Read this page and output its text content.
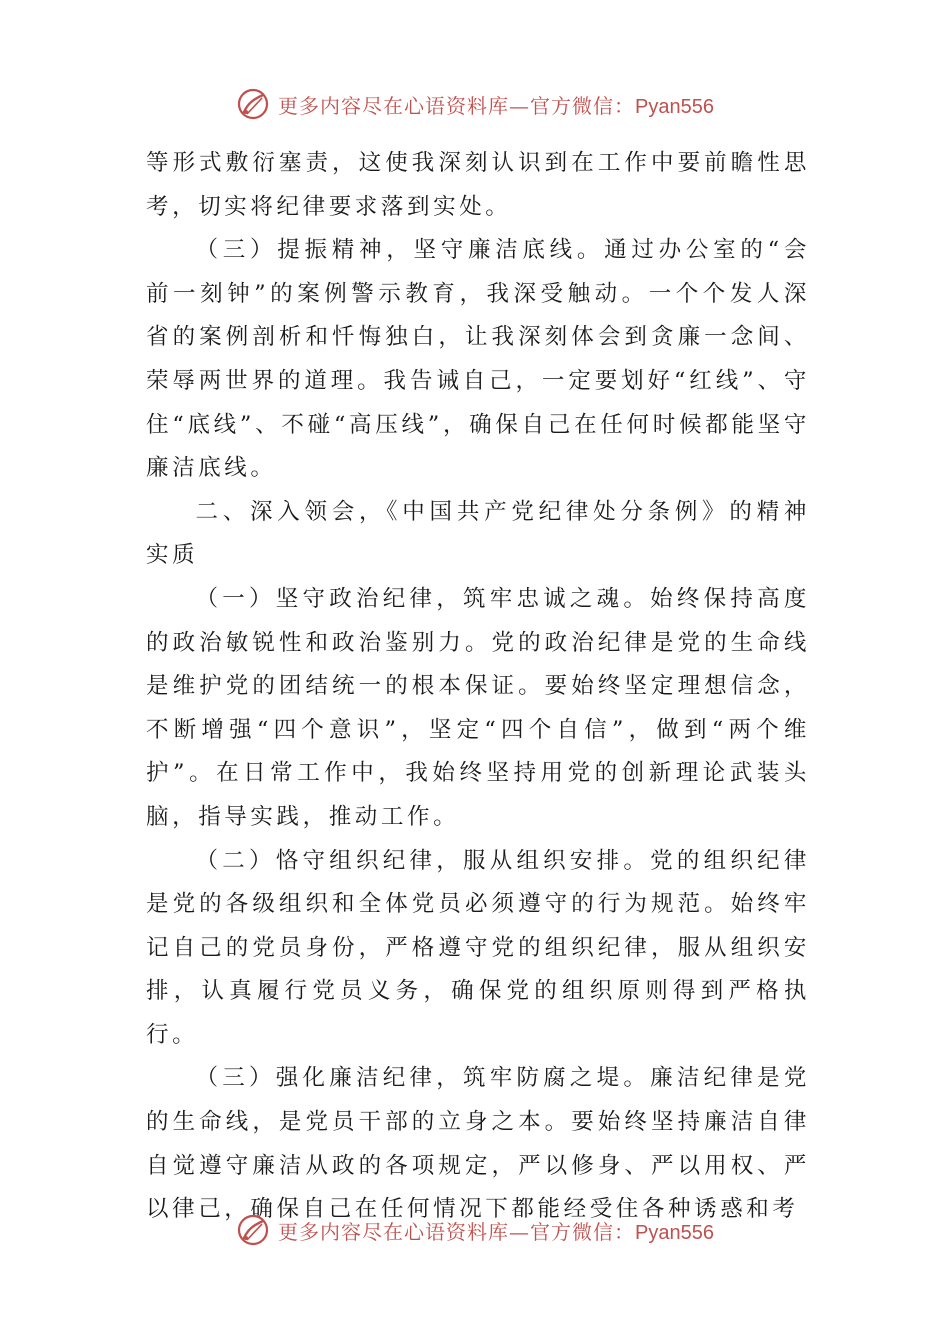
更多内容尽在心语资料库—官方微信：Pyan556

等形式敷衍塞责，这使我深刻认识到在工作中要前瞻性思考，切实将纪律要求落到实处。

（三）提振精神，坚守廉洁底线。通过办公室的“会前一刻钟”的案例警示教育，我深受触动。一个个发人深省的案例剖析和忏悔独白，让我深刻体会到贪廉一念间、荣辱两世界的道理。我告诫自己，一定要划好“红线”、守住“底线”、不碰“高压线”，确保自己在任何时候都能坚守廉洁底线。

二、深入领会，《中国共产党纪律处分条例》的精神实质

（一）坚守政治纪律，筑牢忠诚之魂。始终保持高度的政治敏锐性和政治鉴别力。党的政治纪律是党的生命线是维护党的团结统一的根本保证。要始终坚定理想信念，不断增强“四个意识”，坚定“四个自信”，做到“两个维护”。在日常工作中，我始终坚持用党的创新理论武装头脑，指导实践，推动工作。

（二）恪守组织纪律，服从组织安排。党的组织纪律是党的各级组织和全体党员必须遵守的行为规范。始终牢记自己的党员身份，严格遵守党的组织纪律，服从组织安排，认真履行党员义务，确保党的组织原则得到严格执行。

（三）强化廉洁纪律，筑牢防腐之堤。廉洁纪律是党的生命线，是党员干部的立身之本。要始终坚持廉洁自律自觉遵守廉洁从政的各项规定，严以修身、严以用权、严以律己，确保自己在任何情况下都能经受住各种诱惑和考

更多内容尽在心语资料库—官方微信：Pyan556
